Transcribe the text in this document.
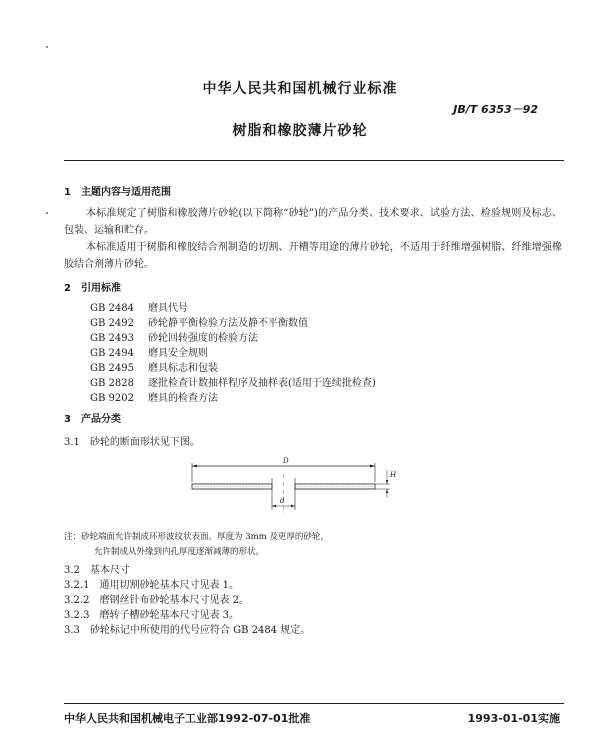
中华人民共和国机械行业标准
JB/T 6353－92
树脂和橡胶薄片砂轮
1　主题内容与适用范围
本标准规定了树脂和橡胶薄片砂轮(以下简称“砂轮”)的产品分类、技术要求、试验方法、检验规则及标志、包装、运输和贮存。
本标准适用于树脂和橡胶结合剂制造的切割、开槽等用途的薄片砂轮，不适用于纤维增强树脂、纤维增强橡胶结合剂薄片砂轮。
2　引用标准
GB 2484 磨具代号
GB 2492 砂轮静平衡检验方法及静不平衡数值
GB 2493 砂轮回转强度的检验方法
GB 2494 磨具安全规则
GB 2495 磨具标志和包装
GB 2828 逐批检查计数抽样程序及抽样表(适用于连续批检查)
GB 9202 磨具的检查方法
3　产品分类
3.1　砂轮的断面形状见下图。
D
d
H
注：砂轮端面允许制成环形波纹状表面。厚度为 3mm 及更厚的砂轮，
允许制成从外缘到内孔厚度逐渐减薄的形状。
3.2　基本尺寸
3.2.1　通用切割砂轮基本尺寸见表 1。
3.2.2　磨钢丝针布砂轮基本尺寸见表 2。
3.2.3　磨转子槽砂轮基本尺寸见表 3。
3.3　砂轮标记中所使用的代号应符合 GB 2484 规定。
中华人民共和国机械电子工业部1992-07-01批准	1993-01-01实施
